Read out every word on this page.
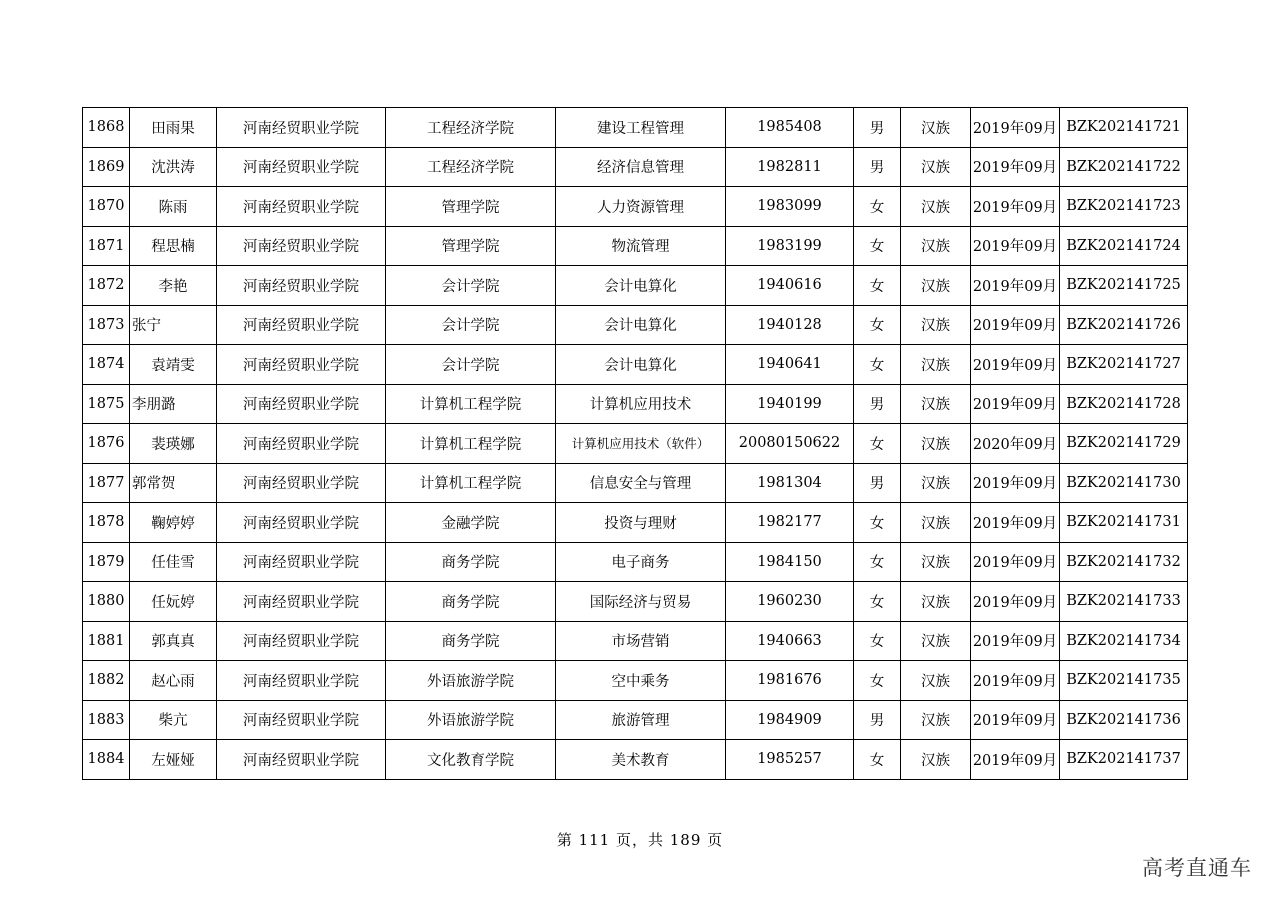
1868	田雨果	河南经贸职业学院	工程经济学院	建设工程管理	1985408	男	汉族	2019年09月	BZK202141721
1869	沈洪涛	河南经贸职业学院	工程经济学院	经济信息管理	1982811	男	汉族	2019年09月	BZK202141722
1870	陈雨	河南经贸职业学院	管理学院	人力资源管理	1983099	女	汉族	2019年09月	BZK202141723
1871	程思楠	河南经贸职业学院	管理学院	物流管理	1983199	女	汉族	2019年09月	BZK202141724
1872	李艳	河南经贸职业学院	会计学院	会计电算化	1940616	女	汉族	2019年09月	BZK202141725
1873	张宁	河南经贸职业学院	会计学院	会计电算化	1940128	女	汉族	2019年09月	BZK202141726
1874	袁靖雯	河南经贸职业学院	会计学院	会计电算化	1940641	女	汉族	2019年09月	BZK202141727
1875	李朋潞	河南经贸职业学院	计算机工程学院	计算机应用技术	1940199	男	汉族	2019年09月	BZK202141728
1876	裴瑛娜	河南经贸职业学院	计算机工程学院	计算机应用技术（软件）	20080150622	女	汉族	2020年09月	BZK202141729
1877	郭常贺	河南经贸职业学院	计算机工程学院	信息安全与管理	1981304	男	汉族	2019年09月	BZK202141730
1878	鞠婷婷	河南经贸职业学院	金融学院	投资与理财	1982177	女	汉族	2019年09月	BZK202141731
1879	任佳雪	河南经贸职业学院	商务学院	电子商务	1984150	女	汉族	2019年09月	BZK202141732
1880	任妧婷	河南经贸职业学院	商务学院	国际经济与贸易	1960230	女	汉族	2019年09月	BZK202141733
1881	郭真真	河南经贸职业学院	商务学院	市场营销	1940663	女	汉族	2019年09月	BZK202141734
1882	赵心雨	河南经贸职业学院	外语旅游学院	空中乘务	1981676	女	汉族	2019年09月	BZK202141735
1883	柴亢	河南经贸职业学院	外语旅游学院	旅游管理	1984909	男	汉族	2019年09月	BZK202141736
1884	左娅娅	河南经贸职业学院	文化教育学院	美术教育	1985257	女	汉族	2019年09月	BZK202141737
第 111 页，共 189 页
高考直通车
